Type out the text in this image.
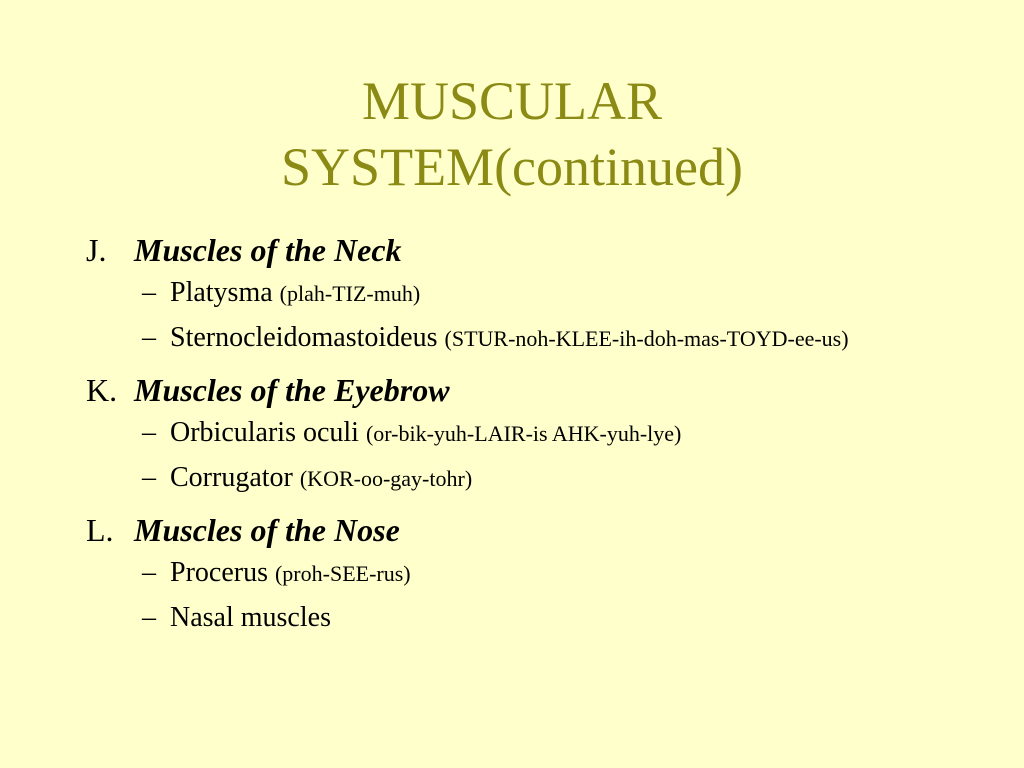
MUSCULAR
SYSTEM(continued)

J. Muscles of the Neck

– Platysma (plah-TIZ-muh)
– Sternocleidomastoideus (STUR-noh-KLEE-ih-doh-mas-TOYD-ee-us)

K. Muscles of the Eyebrow

– Orbicularis oculi (or-bik-yuh-LAIR-is AHK-yuh-lye)
– Corrugator (KOR-oo-gay-tohr)

L. Muscles of the Nose

– Procerus (proh-SEE-rus)
– Nasal muscles
